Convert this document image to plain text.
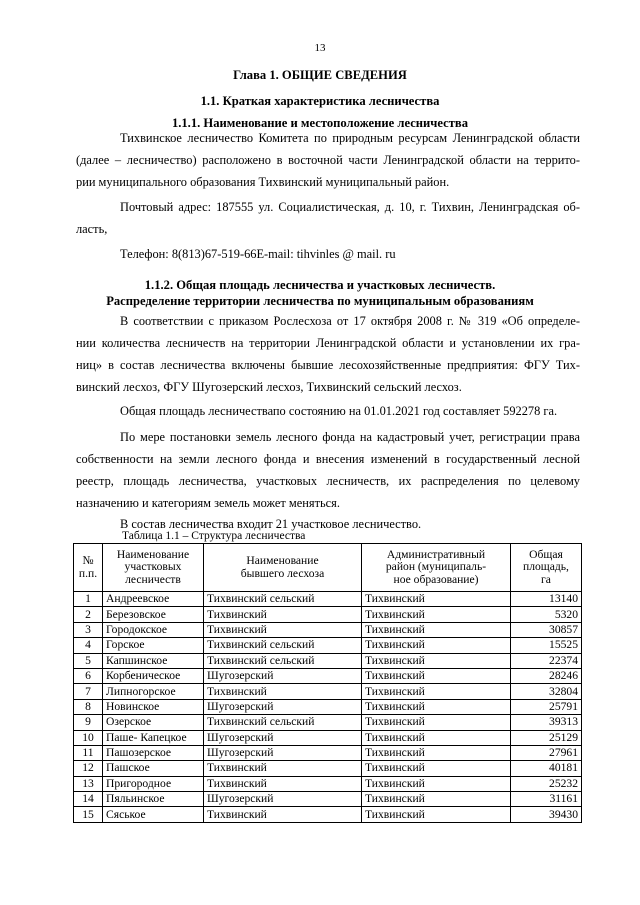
13
Глава 1. ОБЩИЕ СВЕДЕНИЯ
1.1. Краткая характеристика лесничества
1.1.1. Наименование и местоположение лесничества
Тихвинское лесничество Комитета по природным ресурсам Ленинградской области
(далее – лесничество) расположено в восточной части Ленинградской области на террито-
рии муниципального образования Тихвинский муниципальный район.
Почтовый адрес: 187555 ул. Социалистическая, д. 10, г. Тихвин, Ленинградская об-
ласть,
Телефон: 8(813)67-519-66E-mail: tihvinles @ mail. ru
1.1.2. Общая площадь лесничества и участковых лесничеств.
Распределение территории лесничества по муниципальным образованиям
В соответствии с приказом Рослесхоза от 17 октября 2008 г. № 319 «Об определе-
нии количества лесничеств на территории Ленинградской области и установлении их гра-
ниц» в состав лесничества включены бывшие лесохозяйственные предприятия: ФГУ Тих-
винский лесхоз, ФГУ Шугозерский лесхоз, Тихвинский сельский лесхоз.
Общая площадь лесничествапо состоянию на 01.01.2021 год составляет 592278 га.
По мере постановки земель лесного фонда на кадастровый учет, регистрации права
собственности на земли лесного фонда и внесения изменений в государственный лесной
реестр, площадь лесничества, участковых лесничеств, их распределения по целевому
назначению и категориям земель может меняться.
В состав лесничества входит 21 участковое лесничество.
Таблица 1.1 – Структура лесничества
№
п.п.	Наименование
участковых
лесничеств	Наименование
бывшего лесхоза	Административный
район (муниципаль-
ное образование)	Общая
площадь,
га
1	Андреевское	Тихвинский сельский	Тихвинский	13140
2	Березовское	Тихвинский	Тихвинский	5320
3	Городокское	Тихвинский	Тихвинский	30857
4	Горское	Тихвинский сельский	Тихвинский	15525
5	Капшинское	Тихвинский сельский	Тихвинский	22374
6	Корбеничеcкое	Шугозерский	Тихвинский	28246
7	Липногорское	Тихвинский	Тихвинский	32804
8	Новинское	Шугозерский	Тихвинский	25791
9	Озерское	Тихвинский сельский	Тихвинский	39313
10	Паше- Капецкое	Шугозерский	Тихвинский	25129
11	Пашозерское	Шугозерский	Тихвинский	27961
12	Пашское	Тихвинский	Тихвинский	40181
13	Пригородное	Тихвинский	Тихвинский	25232
14	Пяльинское	Шугозерский	Тихвинский	31161
15	Сяськое	Тихвинский	Тихвинский	39430
